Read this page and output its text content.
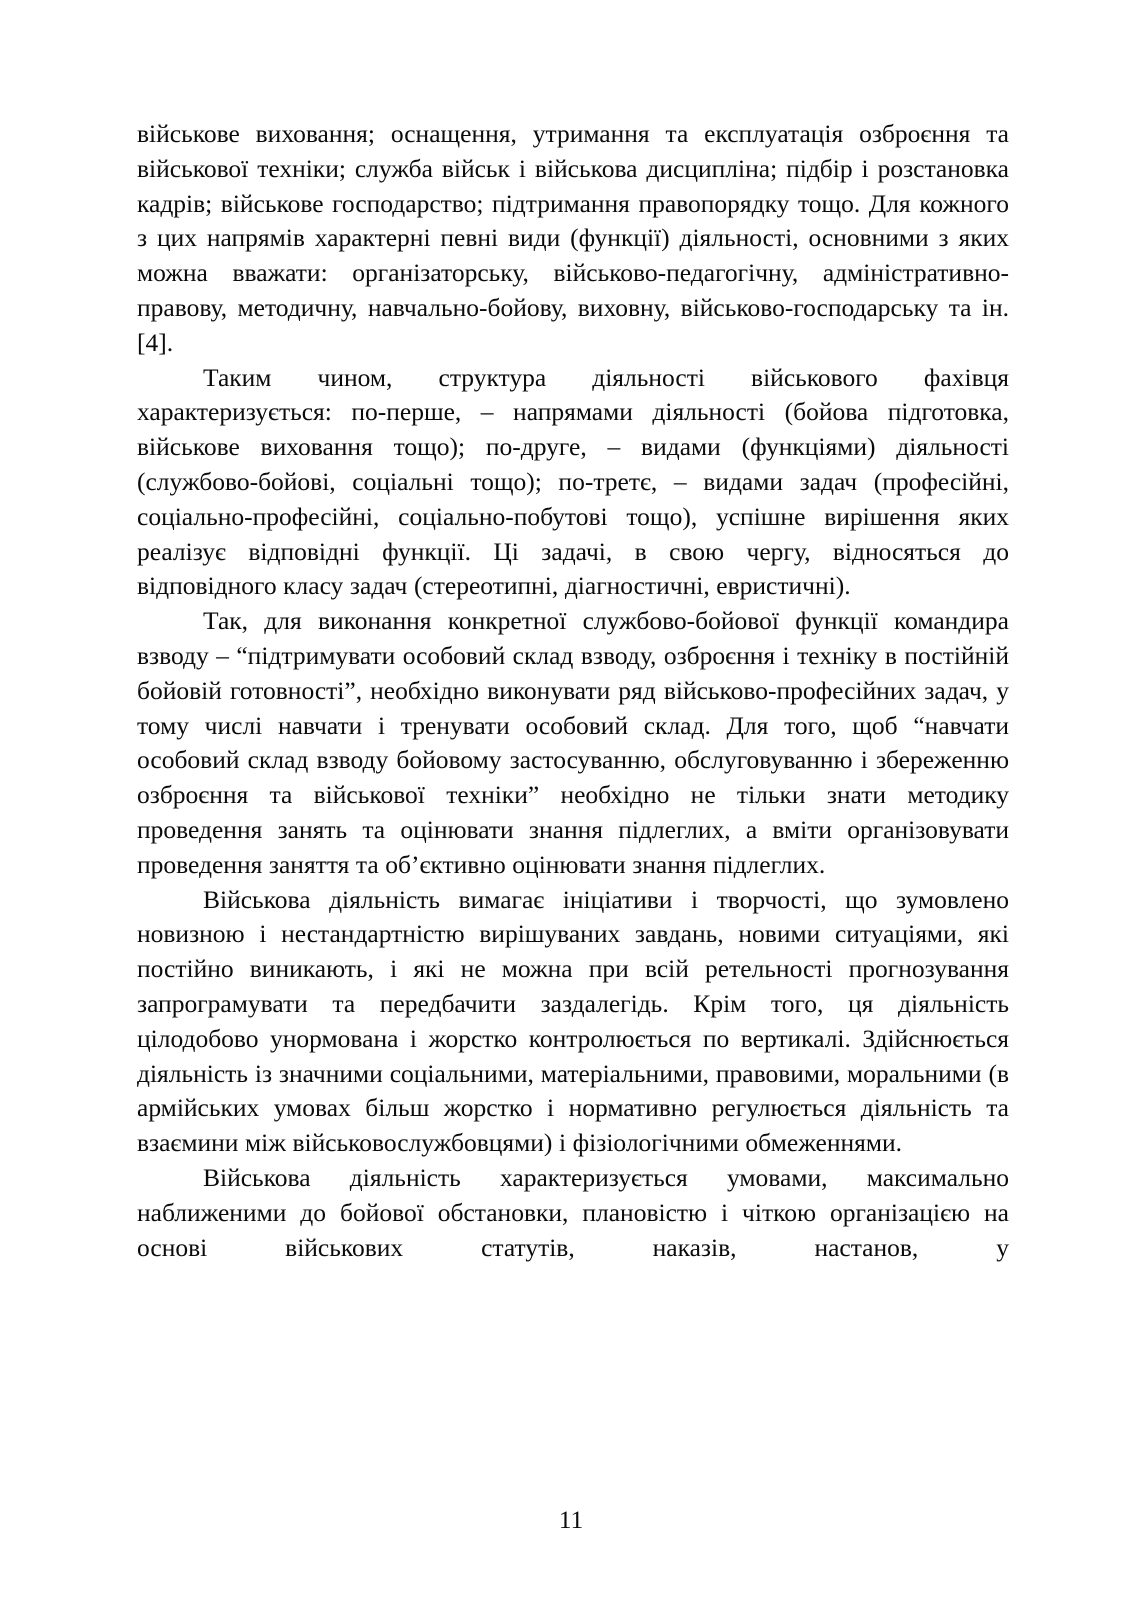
військове виховання; оснащення, утримання та експлуатація озброєння та військової техніки; служба військ і військова дисципліна; підбір і розстановка кадрів; військове господарство; підтримання правопорядку тощо. Для кожного з цих напрямів характерні певні види (функції) діяльності, основними з яких можна вважати: організаторську, військово-педагогічну, адміністративно-правову, методичну, навчально-бойову, виховну, військово-господарську та ін. [4].

Таким чином, структура діяльності військового фахівця характеризується: по-перше, – напрямами діяльності (бойова підготовка, військове виховання тощо); по-друге, – видами (функціями) діяльності (службово-бойові, соціальні тощо); по-третє, – видами задач (професійні, соціально-професійні, соціально-побутові тощо), успішне вирішення яких реалізує відповідні функції. Ці задачі, в свою чергу, відносяться до відповідного класу задач (стереотипні, діагностичні, евристичні).

Так, для виконання конкретної службово-бойової функції командира взводу – “підтримувати особовий склад взводу, озброєння і техніку в постійній бойовій готовності”, необхідно виконувати ряд військово-професійних задач, у тому числі навчати і тренувати особовий склад. Для того, щоб “навчати особовий склад взводу бойовому застосуванню, обслуговуванню і збереженню озброєння та військової техніки” необхідно не тільки знати методику проведення занять та оцінювати знання підлеглих, а вміти організовувати проведення заняття та об’єктивно оцінювати знання підлеглих.

Військова діяльність вимагає ініціативи і творчості, що зумовлено новизною і нестандартністю вирішуваних завдань, новими ситуаціями, які постійно виникають, і які не можна при всій ретельності прогнозування запрограмувати та передбачити заздалегідь. Крім того, ця діяльність цілодобово унормована і жорстко контролюється по вертикалі. Здійснюється діяльність із значними соціальними, матеріальними, правовими, моральними (в армійських умовах більш жорстко і нормативно регулюється діяльність та взаємини між військовослужбовцями) і фізіологічними обмеженнями.

Військова діяльність характеризується умовами, максимально наближеними до бойової обстановки, плановістю і чіткою організацією на основі військових статутів, наказів, настанов, у

11
